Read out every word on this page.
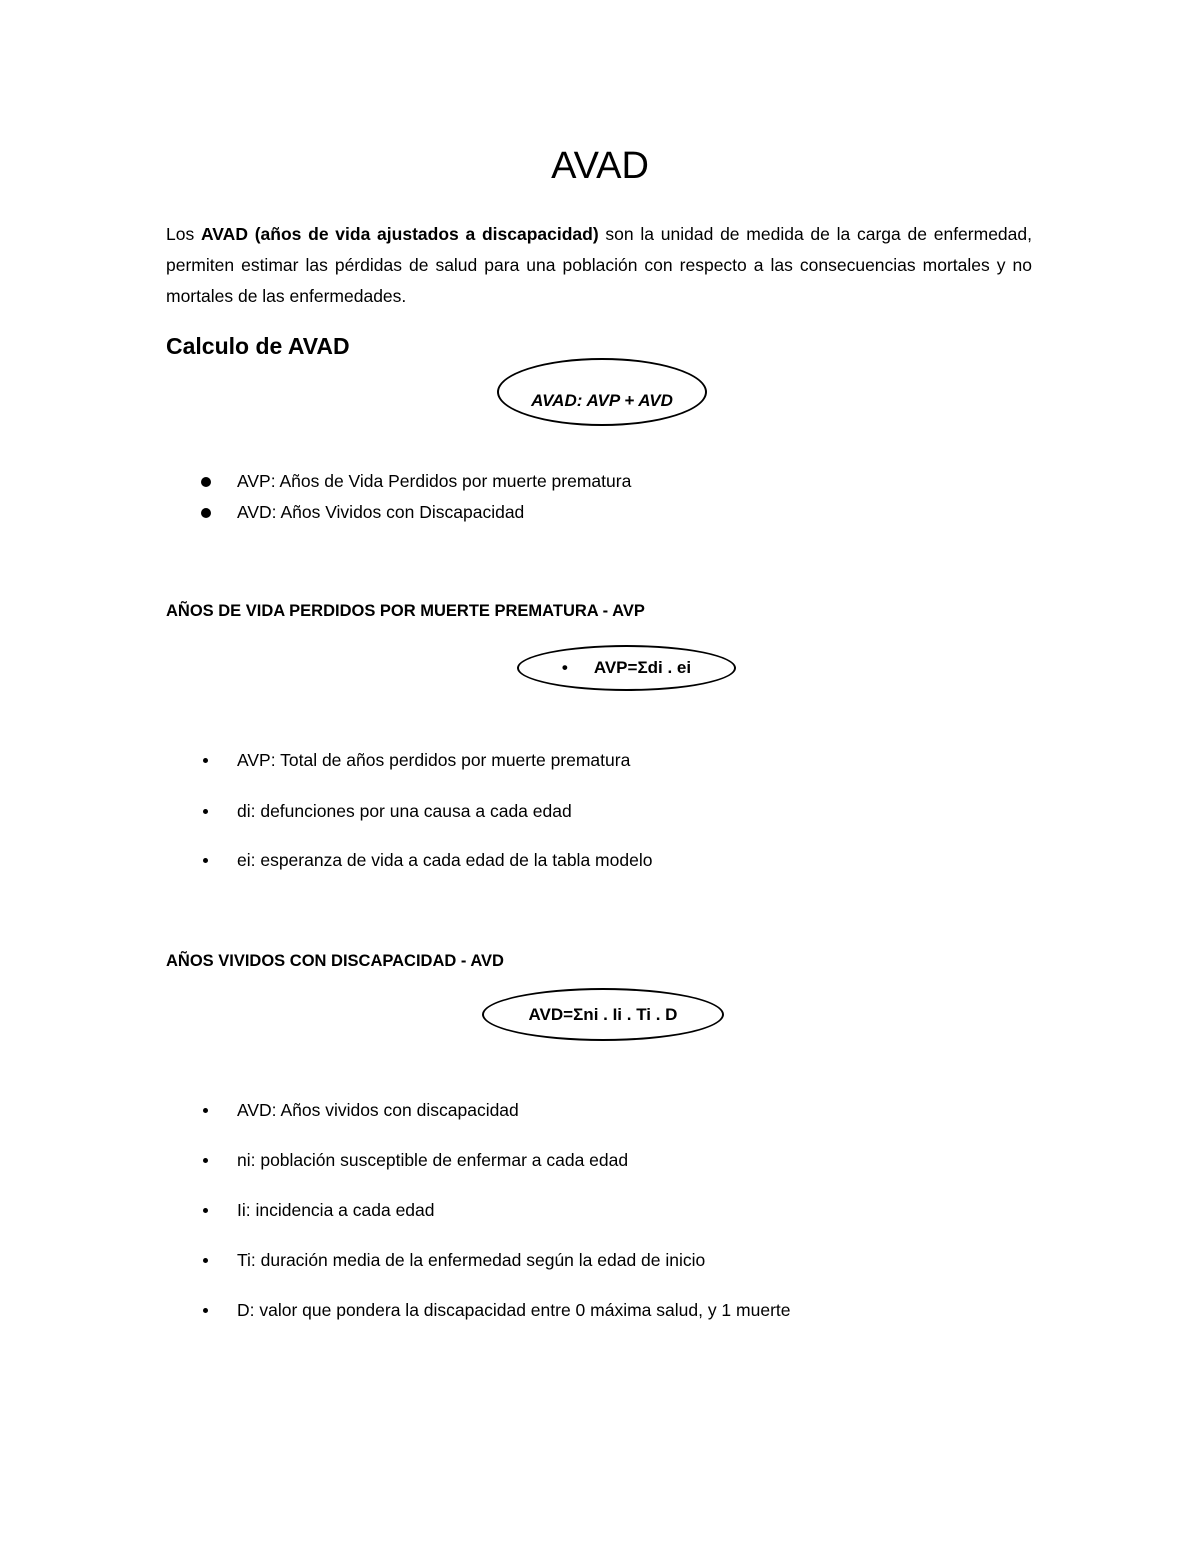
AVAD
Los AVAD (años de vida ajustados a discapacidad) son la unidad de medida de la carga de enfermedad, permiten estimar las pérdidas de salud para una población con respecto a las consecuencias mortales y no mortales de las enfermedades.
Calculo de AVAD
AVAD: AVP + AVD
AVP: Años de Vida Perdidos por muerte prematura
AVD: Años Vividos con Discapacidad
AÑOS DE VIDA PERDIDOS POR MUERTE PREMATURA - AVP
• AVP=Σdi . ei
AVP: Total de años perdidos por muerte prematura
di: defunciones por una causa a cada edad
ei: esperanza de vida a cada edad de la tabla modelo
AÑOS VIVIDOS CON DISCAPACIDAD - AVD
AVD=Σni . Ii . Ti . D
AVD: Años vividos con discapacidad
ni: población susceptible de enfermar a cada edad
Ii: incidencia a cada edad
Ti: duración media de la enfermedad según la edad de inicio
D: valor que pondera la discapacidad entre 0 máxima salud, y 1 muerte
